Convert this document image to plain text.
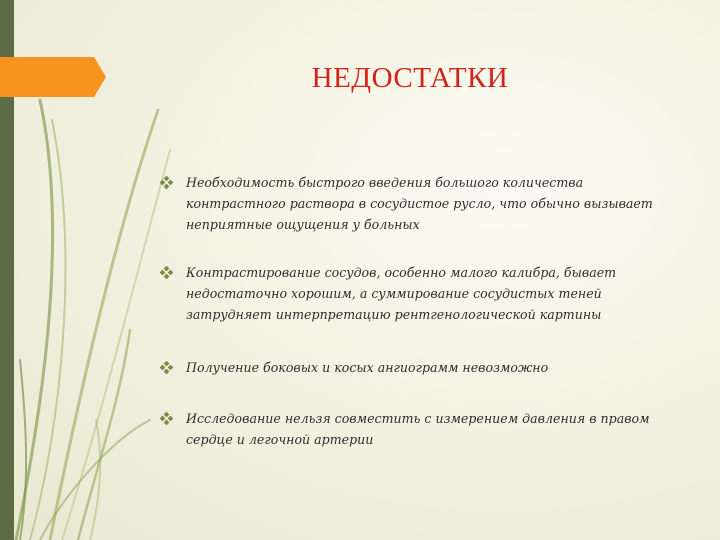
НЕДОСТАТКИ
Необходимость быстрого введения большого количества
контрастного раствора в сосудистое русло, что обычно вызывает
неприятные ощущения у больных
Контрастирование сосудов, особенно малого калибра, бывает
недостаточно хорошим, а суммирование сосудистых теней
затрудняет интерпретацию рентгенологической картины
Получение боковых и косых ангиограмм невозможно
Исследование нельзя совместить с измерением давления в правом
сердце и легочной артерии
